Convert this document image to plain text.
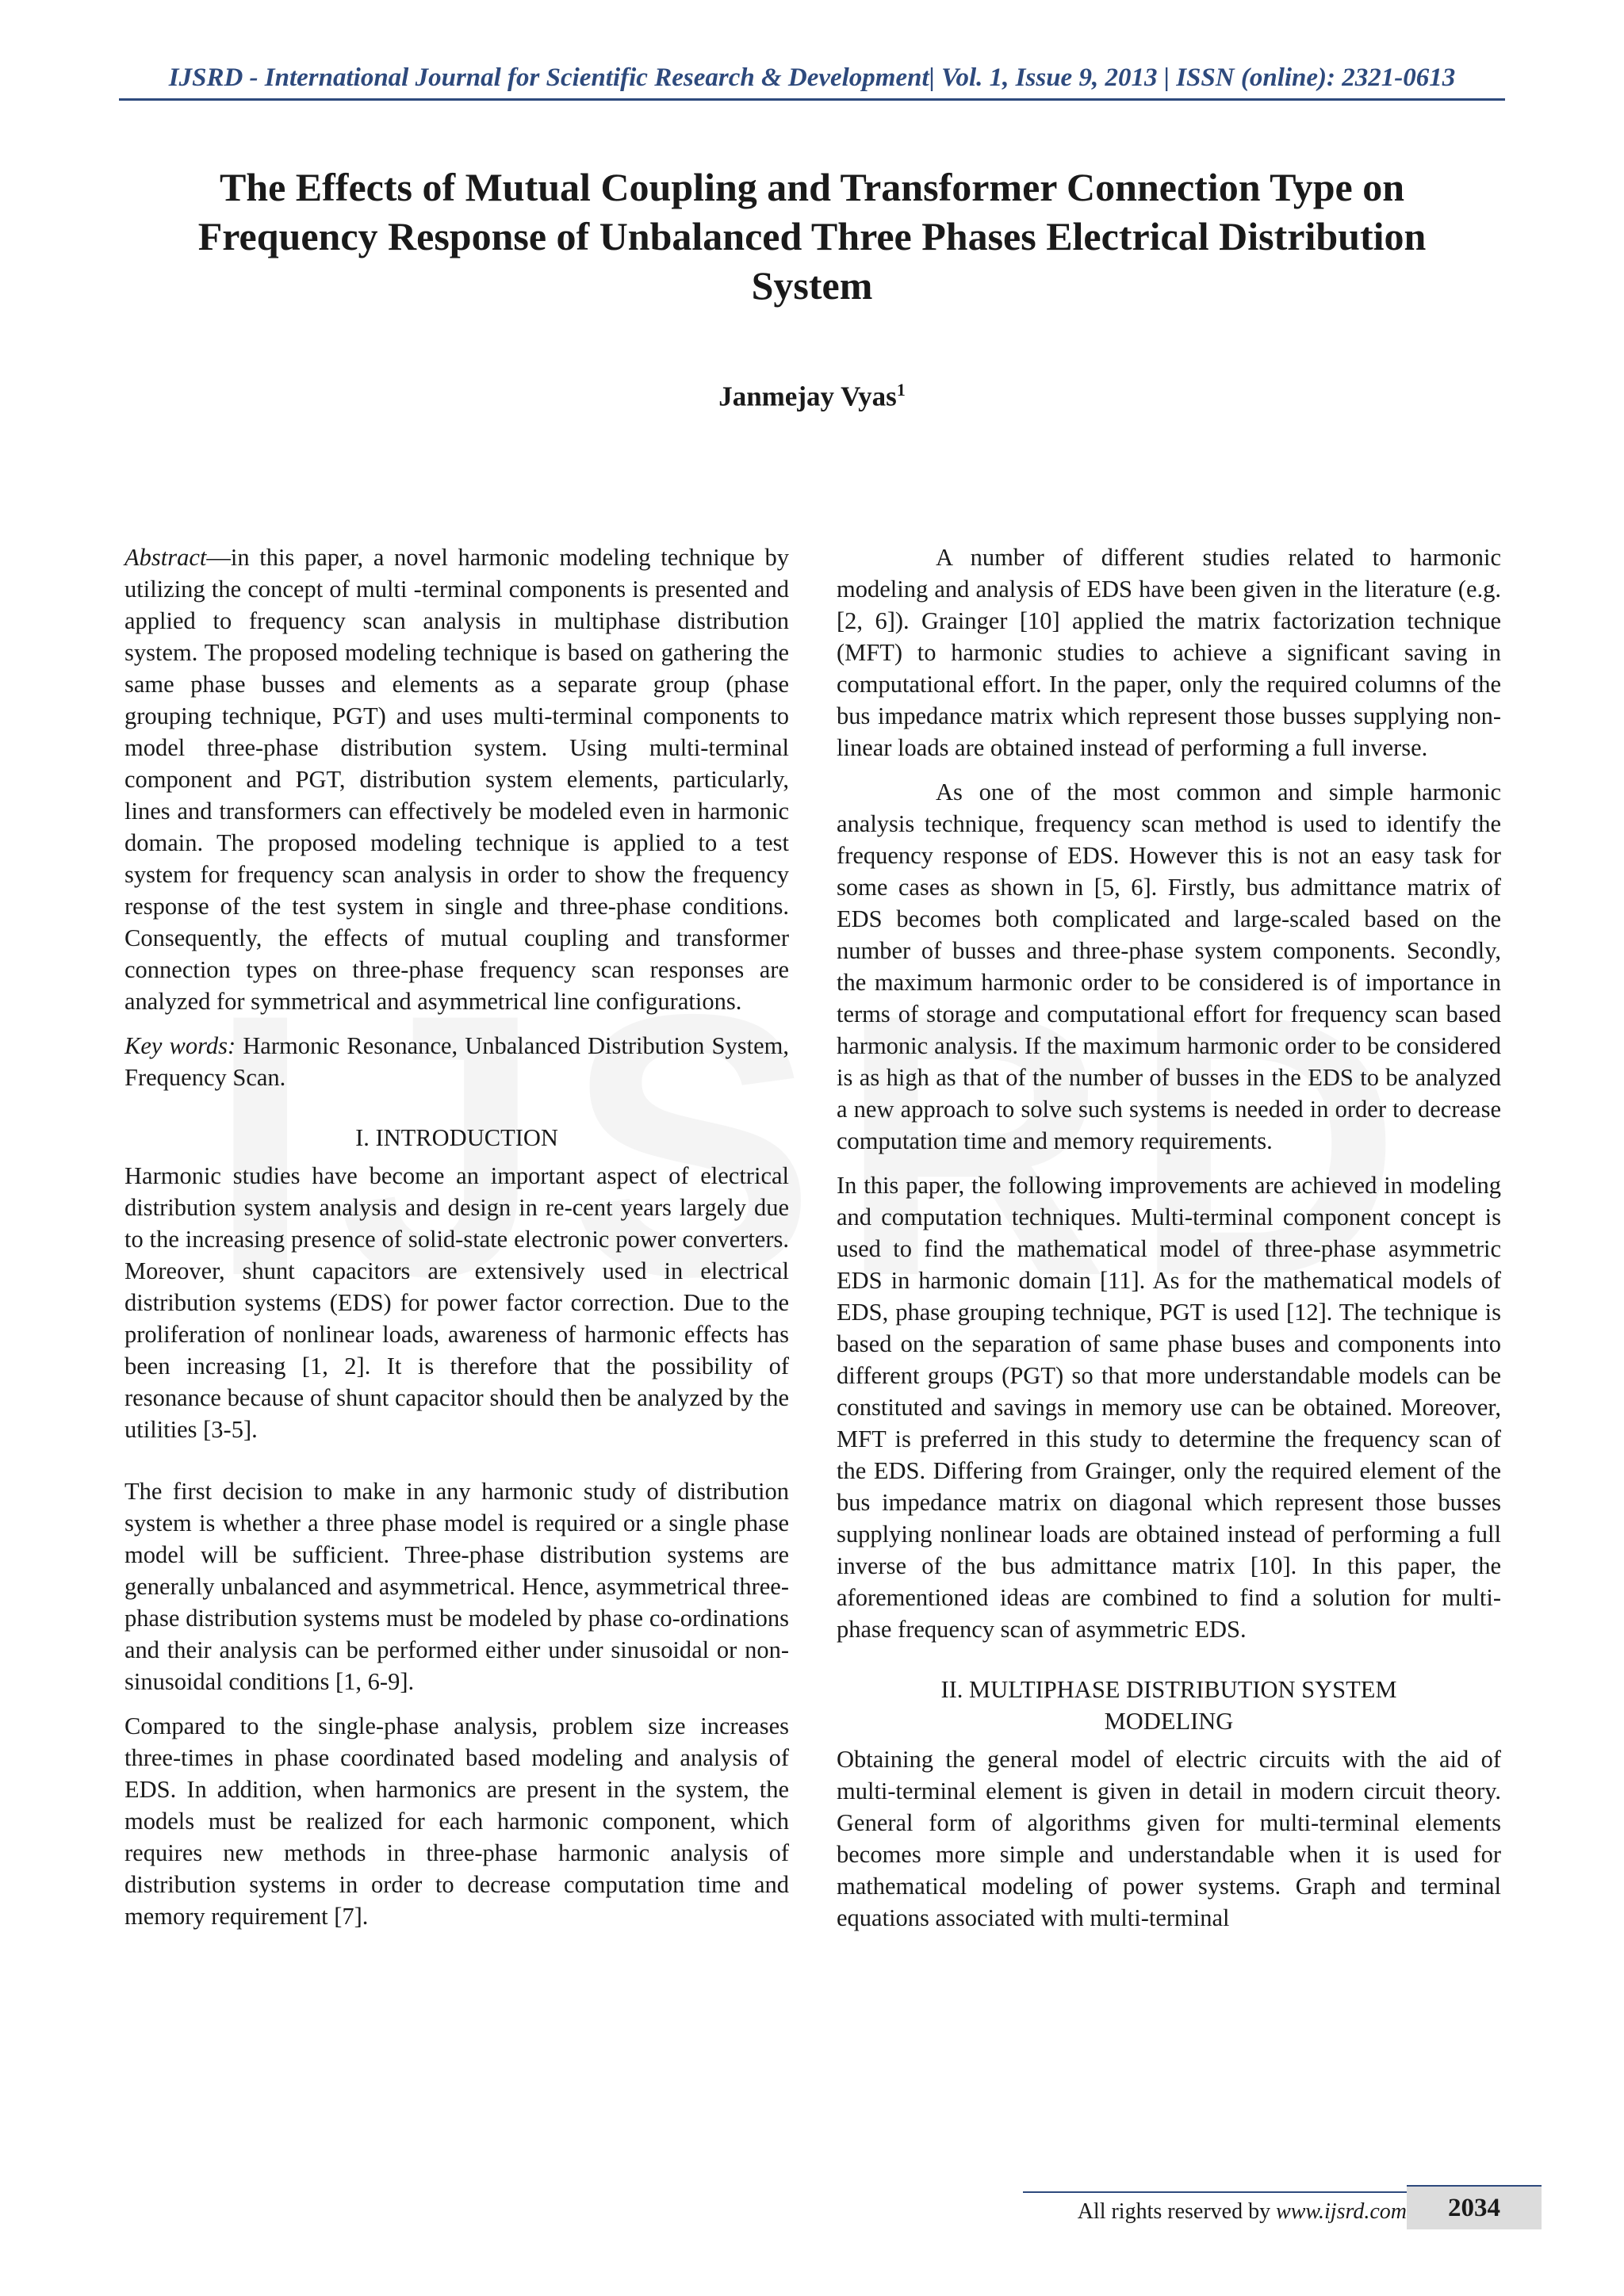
IJSRD - International Journal for Scientific Research & Development| Vol. 1, Issue 9, 2013 | ISSN (online): 2321-0613
The Effects of Mutual Coupling and Transformer Connection Type on Frequency Response of Unbalanced Three Phases Electrical Distribution System
Janmejay Vyas$^1$

Abstract—in this paper, a novel harmonic modeling technique by utilizing the concept of multi -terminal components is presented and applied to frequency scan analysis in multiphase distribution system. The proposed modeling technique is based on gathering the same phase busses and elements as a separate group (phase grouping technique, PGT) and uses multi-terminal components to model three-phase distribution system. Using multi-terminal component and PGT, distribution system elements, particularly, lines and transformers can effectively be modeled even in harmonic domain. The proposed modeling technique is applied to a test system for frequency scan analysis in order to show the frequency response of the test system in single and three-phase conditions. Consequently, the effects of mutual coupling and transformer connection types on three-phase frequency scan responses are analyzed for symmetrical and asymmetrical line configurations.

Key words: Harmonic Resonance, Unbalanced Distribution System, Frequency Scan.

I. INTRODUCTION

Harmonic studies have become an important aspect of electrical distribution system analysis and design in re-cent years largely due to the increasing presence of solid-state electronic power converters. Moreover, shunt capacitors are extensively used in electrical distribution systems (EDS) for power factor correction. Due to the proliferation of nonlinear loads, awareness of harmonic effects has been increasing [1, 2]. It is therefore that the possibility of resonance because of shunt capacitor should then be analyzed by the utilities [3-5].

The first decision to make in any harmonic study of distribution system is whether a three phase model is required or a single phase model will be sufficient. Three-phase distribution systems are generally unbalanced and asymmetrical. Hence, asymmetrical three-phase distribution systems must be modeled by phase co-ordinations and their analysis can be performed either under sinusoidal or non-sinusoidal conditions [1, 6-9].

Compared to the single-phase analysis, problem size increases three-times in phase coordinated based modeling and analysis of EDS. In addition, when harmonics are present in the system, the models must be realized for each harmonic component, which requires new methods in three-phase harmonic analysis of distribution systems in order to decrease computation time and memory requirement [7].

A number of different studies related to harmonic modeling and analysis of EDS have been given in the literature (e.g. [2, 6]). Grainger [10] applied the matrix factorization technique (MFT) to harmonic studies to achieve a significant saving in computational effort. In the paper, only the required columns of the bus impedance matrix which represent those busses supplying non-linear loads are obtained instead of performing a full inverse.

As one of the most common and simple harmonic analysis technique, frequency scan method is used to identify the frequency response of EDS. However this is not an easy task for some cases as shown in [5, 6]. Firstly, bus admittance matrix of EDS becomes both complicated and large-scaled based on the number of busses and three-phase system components. Secondly, the maximum harmonic order to be considered is of importance in terms of storage and computational effort for frequency scan based harmonic analysis. If the maximum harmonic order to be considered is as high as that of the number of busses in the EDS to be analyzed a new approach to solve such systems is needed in order to decrease computation time and memory requirements.

In this paper, the following improvements are achieved in modeling and computation techniques. Multi-terminal component concept is used to find the mathematical model of three-phase asymmetric EDS in harmonic domain [11]. As for the mathematical models of EDS, phase grouping technique, PGT is used [12]. The technique is based on the separation of same phase buses and components into different groups (PGT) so that more understandable models can be constituted and savings in memory use can be obtained. Moreover, MFT is preferred in this study to determine the frequency scan of the EDS. Differing from Grainger, only the required element of the bus impedance matrix on diagonal which represent those busses supplying nonlinear loads are obtained instead of performing a full inverse of the bus admittance matrix [10]. In this paper, the aforementioned ideas are combined to find a solution for multi-phase frequency scan of asymmetric EDS.

II. MULTIPHASE DISTRIBUTION SYSTEM
MODELING

Obtaining the general model of electric circuits with the aid of multi-terminal element is given in detail in modern circuit theory. General form of algorithms given for multi-terminal elements becomes more simple and understandable when it is used for mathematical modeling of power systems. Graph and terminal equations associated with multi-terminal

All rights reserved by www.ijsrd.com	2034
